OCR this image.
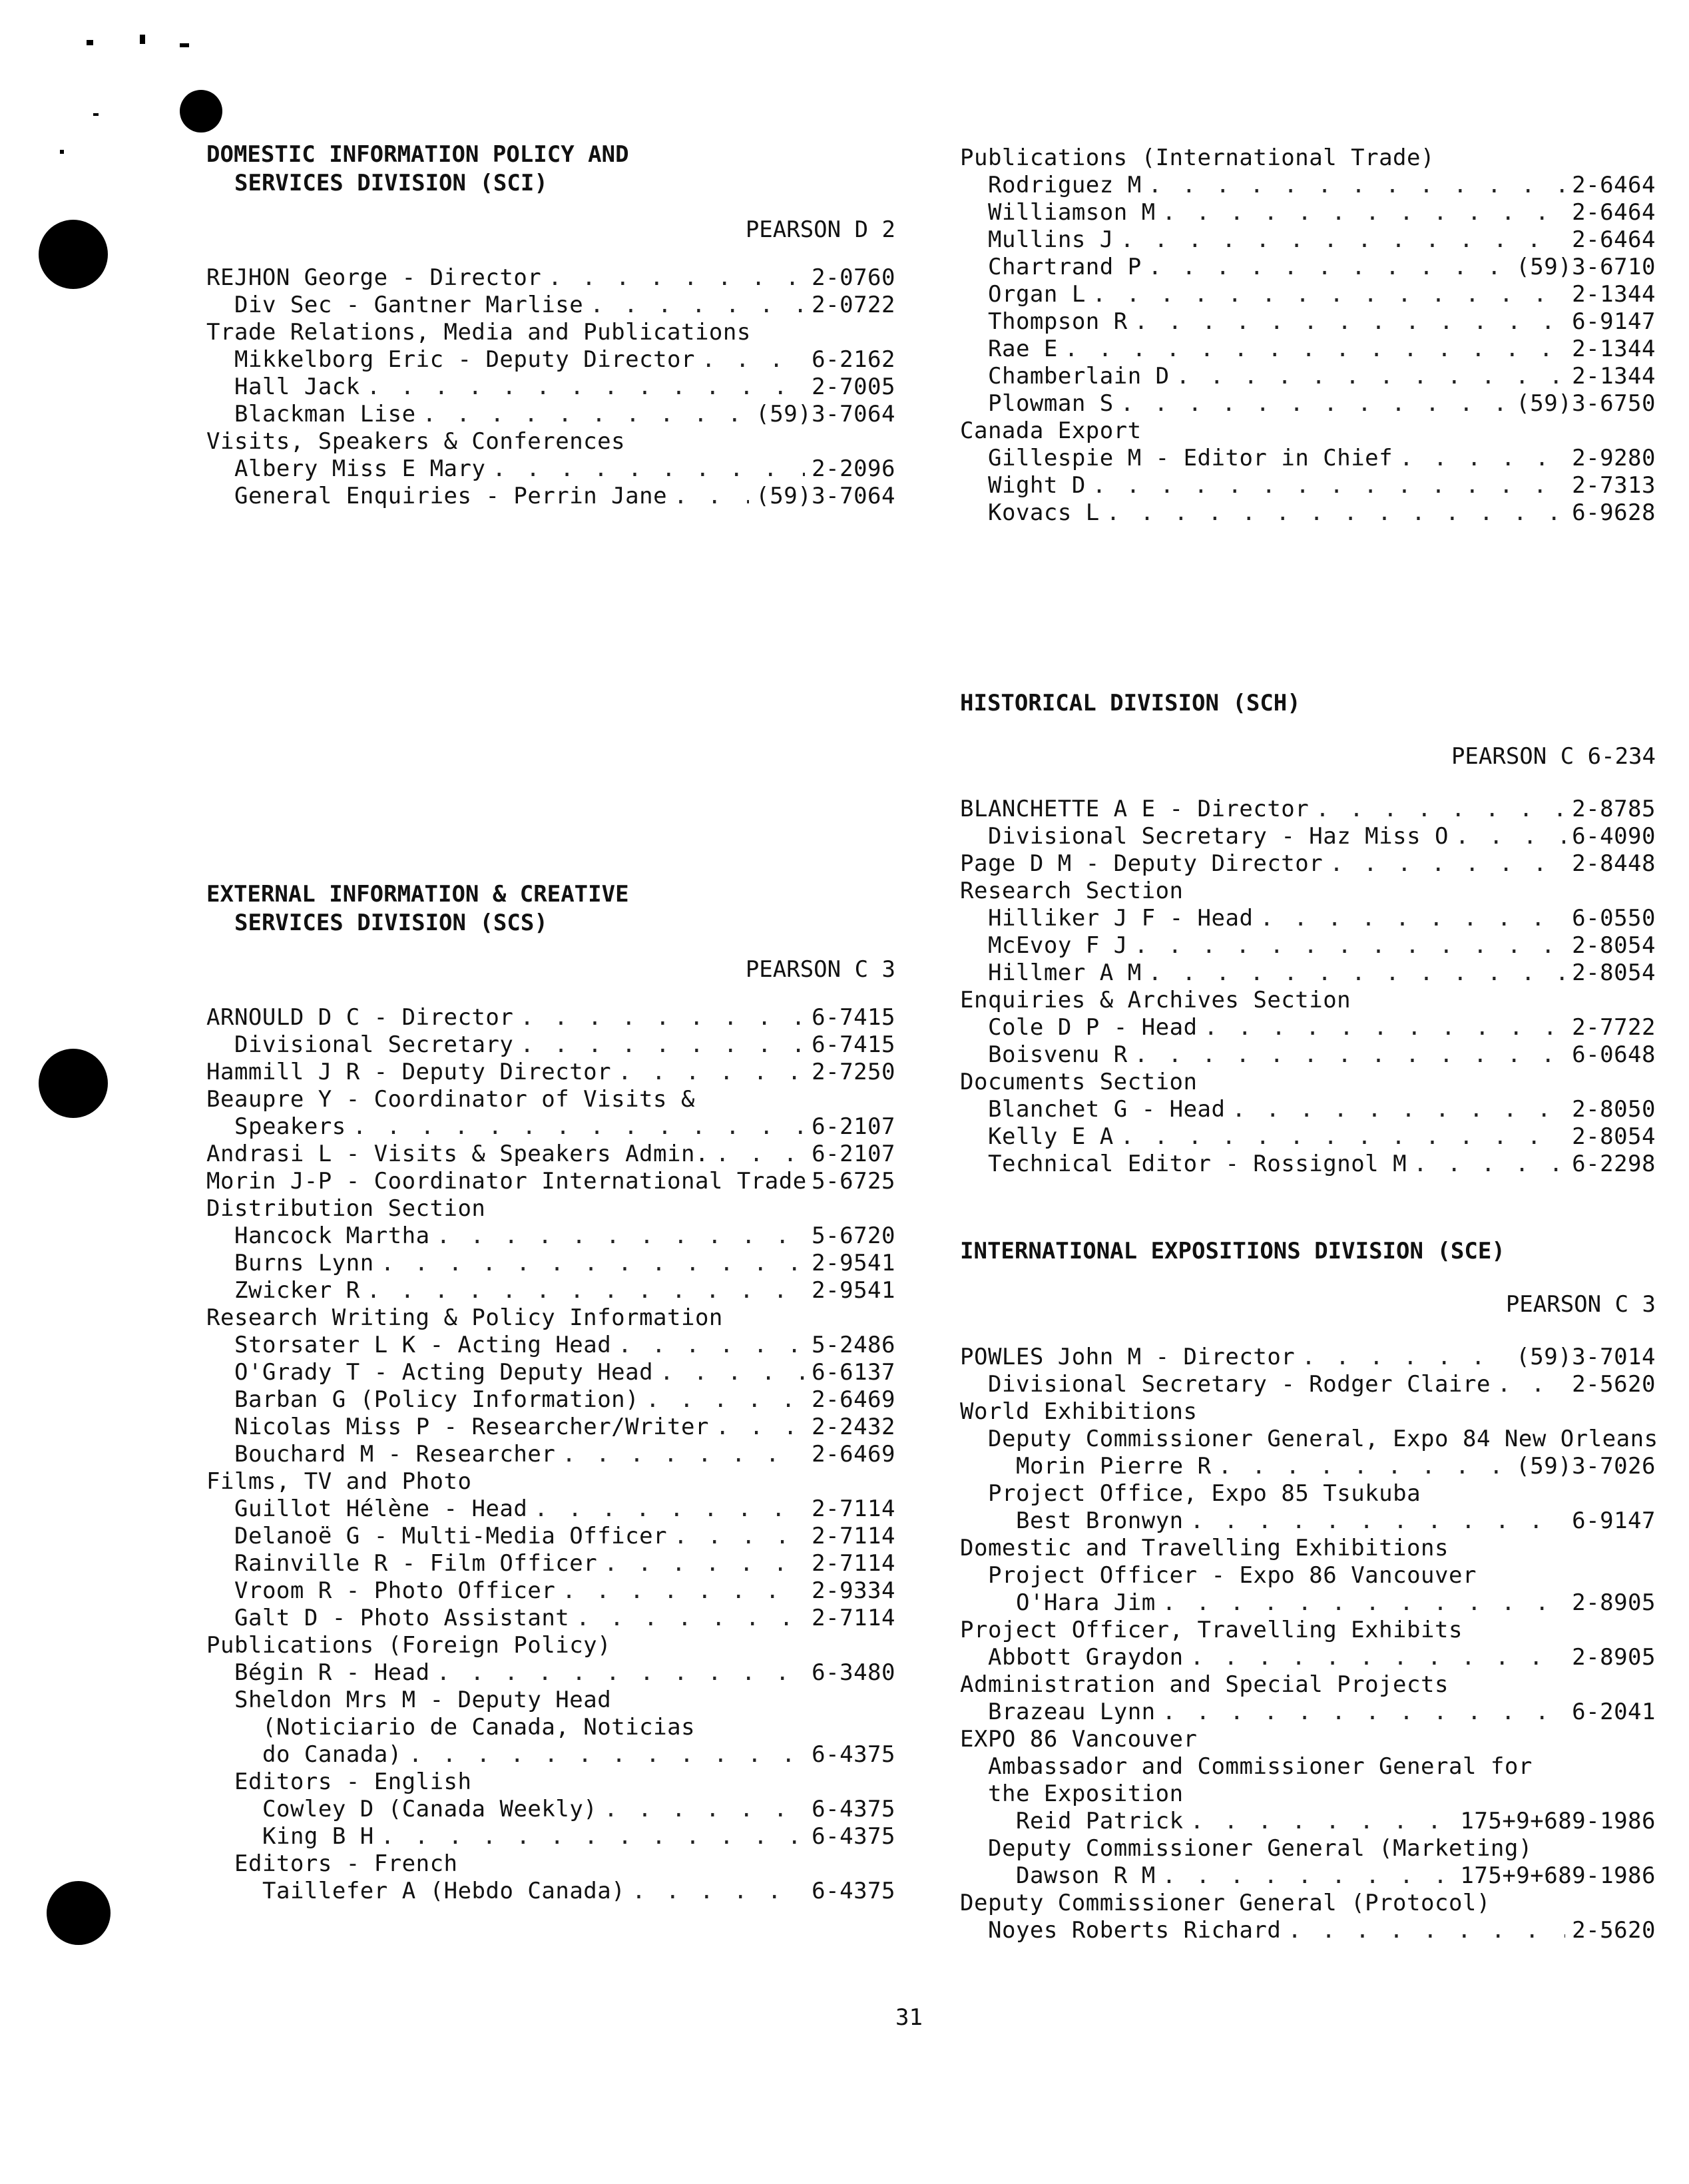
DOMESTIC INFORMATION POLICY AND
SERVICES DIVISION (SCI)
PEARSON D 2
REJHON George - Director . . .	2-0760
Div Sec - Gantner Marlise . . .	2-0722
Trade Relations, Media and Publications
Mikkelborg Eric - Deputy Director . . .	6-2162
Hall Jack . . .	2-7005
Blackman Lise . . .	(59)3-7064
Visits, Speakers & Conferences
Albery Miss E Mary . . .	2-2096
General Enquiries - Perrin Jane . . .	(59)3-7064
Publications (International Trade)
Rodriguez M . . .	2-6464
Williamson M . . .	2-6464
Mullins J . . .	2-6464
Chartrand P . . .	(59)3-6710
Organ L . . .	2-1344
Thompson R . . .	6-9147
Rae E . . .	2-1344
Chamberlain D . . .	2-1344
Plowman S . . .	(59)3-6750
Canada Export
Gillespie M - Editor in Chief . . .	2-9280
Wight D . . .	2-7313
Kovacs L . . .	6-9628
HISTORICAL DIVISION (SCH)
PEARSON C 6-234
BLANCHETTE A E - Director . . .	2-8785
Divisional Secretary - Haz Miss O . . .	6-4090
Page D M - Deputy Director . . .	2-8448
Research Section
Hilliker J F - Head . . .	6-0550
McEvoy F J . . .	2-8054
Hillmer A M . . .	2-8054
Enquiries & Archives Section
Cole D P - Head . . .	2-7722
Boisvenu R . . .	6-0648
Documents Section
Blanchet G - Head . . .	2-8050
Kelly E A . . .	2-8054
Technical Editor - Rossignol M . . .	6-2298
EXTERNAL INFORMATION & CREATIVE
SERVICES DIVISION (SCS)
PEARSON C 3
ARNOULD D C - Director . . .	6-7415
Divisional Secretary . . .	6-7415
Hammill J R - Deputy Director . . .	2-7250
Beaupre Y - Coordinator of Visits &
Speakers . . .	6-2107
Andrasi L - Visits & Speakers Admin. . . .	6-2107
Morin J-P - Coordinator International Trade 5-6725
Distribution Section
Hancock Martha . . .	5-6720
Burns Lynn . . .	2-9541
Zwicker R . . .	2-9541
Research Writing & Policy Information
Storsater L K - Acting Head . . .	5-2486
O'Grady T - Acting Deputy Head . . .	6-6137
Barban G (Policy Information) . . .	2-6469
Nicolas Miss P - Researcher/Writer . . .	2-2432
Bouchard M - Researcher . . .	2-6469
Films, TV and Photo
Guillot Hélène - Head . . .	2-7114
Delanoë G - Multi-Media Officer . . .	2-7114
Rainville R - Film Officer . . .	2-7114
Vroom R - Photo Officer . . .	2-9334
Galt D - Photo Assistant . . .	2-7114
Publications (Foreign Policy)
Bégin R - Head . . .	6-3480
Sheldon Mrs M - Deputy Head
(Noticiario de Canada, Noticias
do Canada) . . .	6-4375
Editors - English
Cowley D (Canada Weekly) . . .	6-4375
King B H . . .	6-4375
Editors - French
Taillefer A (Hebdo Canada) . . .	6-4375
INTERNATIONAL EXPOSITIONS DIVISION (SCE)
PEARSON C 3
POWLES John M - Director . . .	(59)3-7014
Divisional Secretary - Rodger Claire . . .	2-5620
World Exhibitions
Deputy Commissioner General, Expo 84 New Orleans
Morin Pierre R . . .	(59)3-7026
Project Office, Expo 85 Tsukuba
Best Bronwyn . . .	6-9147
Domestic and Travelling Exhibitions
Project Officer - Expo 86 Vancouver
O'Hara Jim . . .	2-8905
Project Officer, Travelling Exhibits
Abbott Graydon . . .	2-8905
Administration and Special Projects
Brazeau Lynn . . .	6-2041
EXPO 86 Vancouver
Ambassador and Commissioner General for
the Exposition
Reid Patrick . . .	175+9+689-1986
Deputy Commissioner General (Marketing)
Dawson R M . . .	175+9+689-1986
Deputy Commissioner General (Protocol)
Noyes Roberts Richard . . .	2-5620
31
